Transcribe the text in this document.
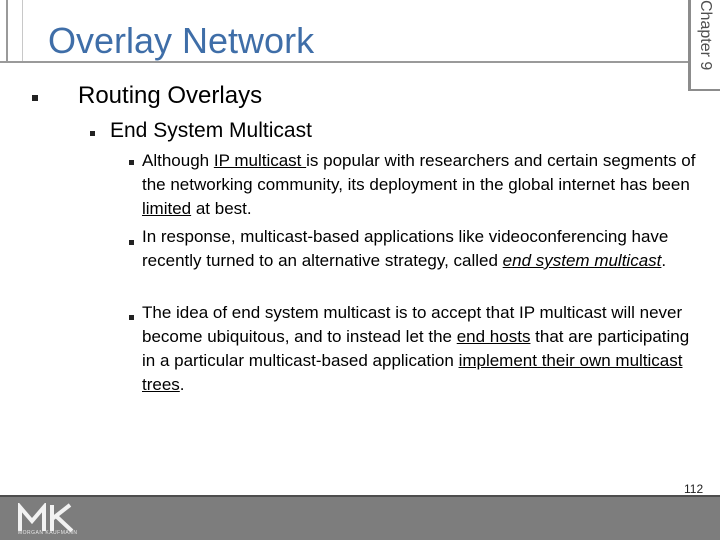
Overlay Network	Chapter 9
Routing Overlays
End System Multicast
Although IP multicast is popular with researchers and certain segments of the networking community, its deployment in the global internet has been limited at best.
In response, multicast-based applications like videoconferencing have recently turned to an alternative strategy, called end system multicast.
The idea of end system multicast is to accept that IP multicast will never become ubiquitous, and to instead let the end hosts that are participating in a particular multicast-based application implement their own multicast trees.
MORGAN KAUFMANN
112
